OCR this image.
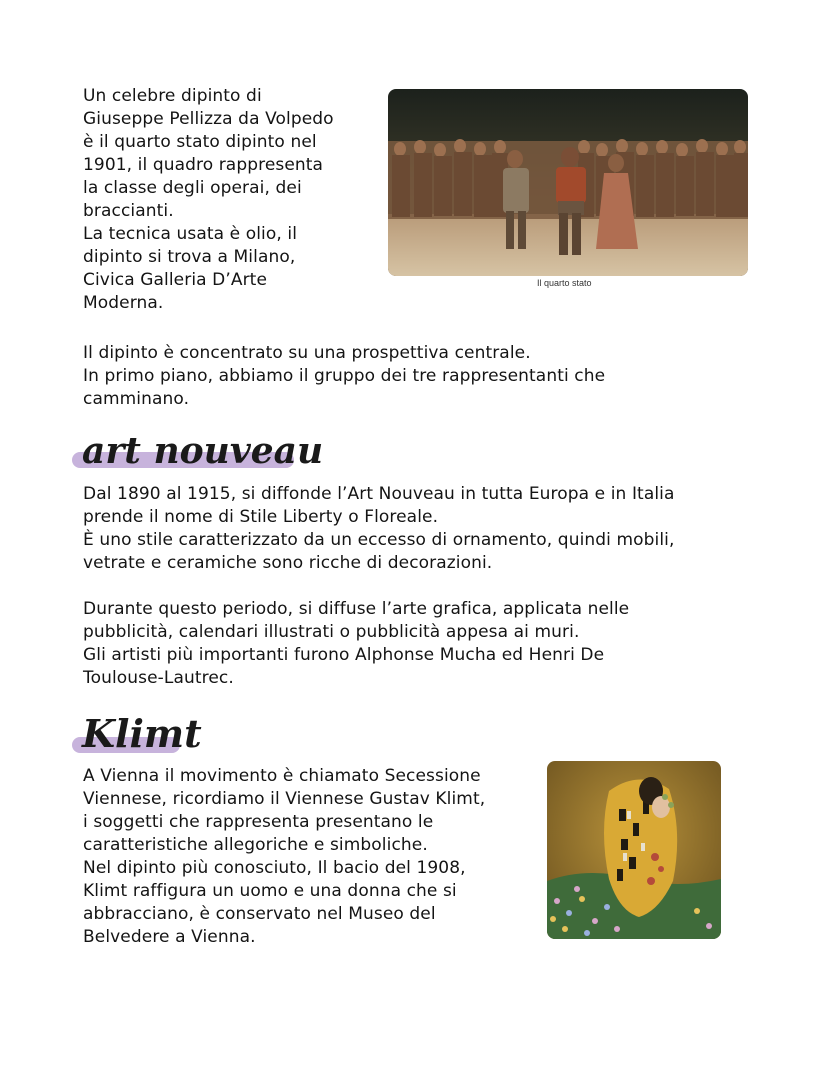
Un celebre dipinto di
Giuseppe Pellizza da Volpedo
è il quarto stato dipinto nel
1901, il quadro rappresenta
la classe degli operai, dei
braccianti.
La tecnica usata è olio, il
dipinto si trova a Milano,
Civica Galleria D’Arte
Moderna.
Il quarto stato
Il dipinto è concentrato su una prospettiva centrale.
In primo piano, abbiamo il gruppo dei tre rappresentanti che
camminano.
art nouveau
Dal 1890 al 1915, si diffonde l’Art Nouveau in tutta Europa e in Italia
prende il nome di Stile Liberty o Floreale.
È uno stile caratterizzato da un eccesso di ornamento, quindi mobili,
vetrate e ceramiche sono ricche di decorazioni.
Durante questo periodo, si diffuse l’arte grafica, applicata nelle
pubblicità, calendari illustrati o pubblicità appesa ai muri.
Gli artisti più importanti furono Alphonse Mucha ed Henri De
Toulouse-Lautrec.
Klimt
A Vienna il movimento è chiamato Secessione
Viennese, ricordiamo il Viennese Gustav Klimt,
i soggetti che rappresenta presentano le
caratteristiche allegoriche e simboliche.
Nel dipinto più conosciuto, Il bacio del 1908,
Klimt raffigura un uomo e una donna che si
abbracciano, è conservato nel Museo del
Belvedere a Vienna.
